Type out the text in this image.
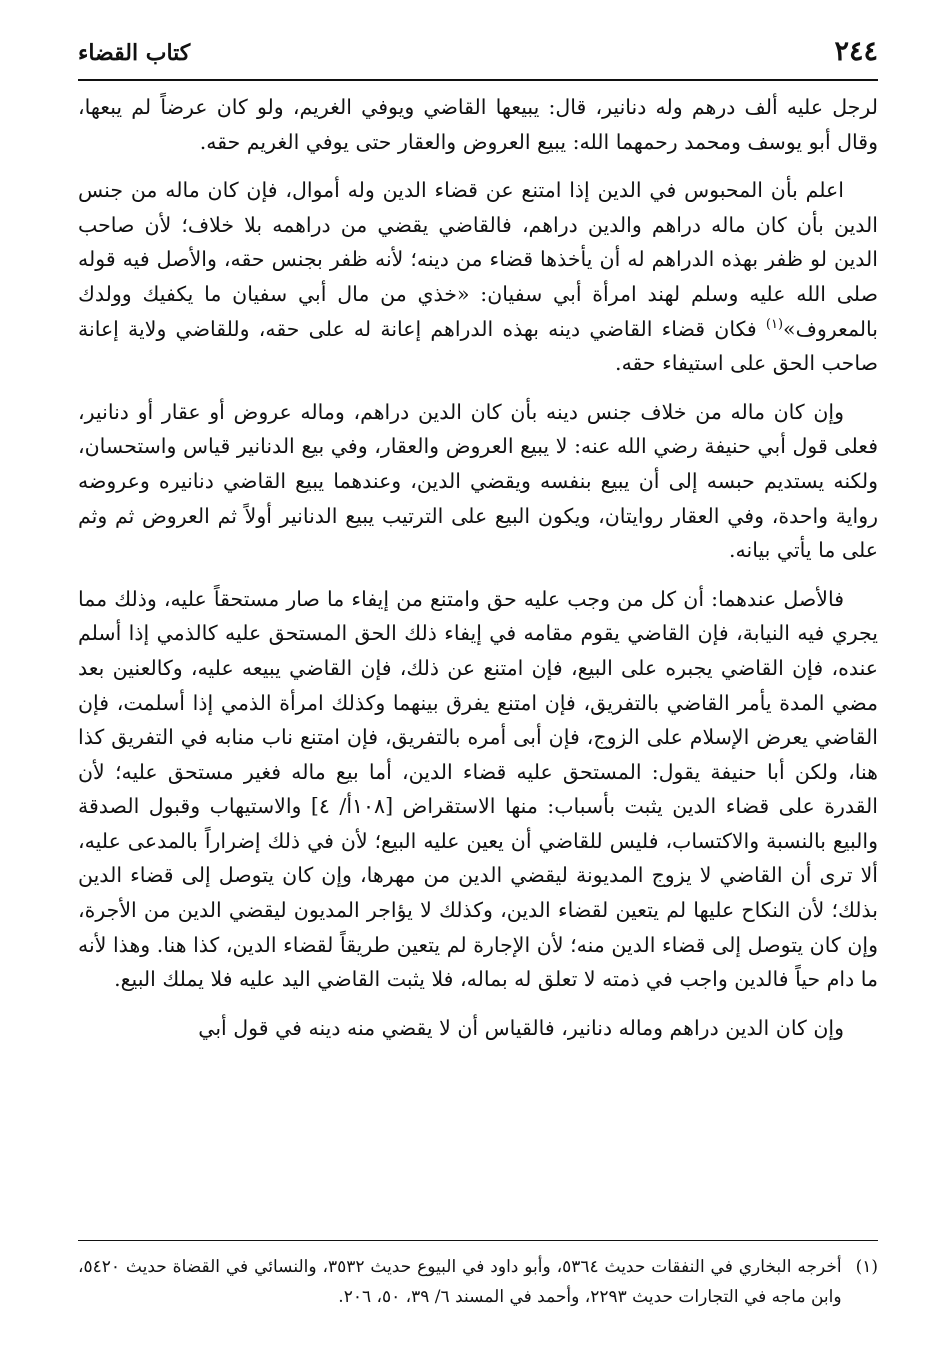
٢٤٤
كتاب القضاء

لرجل عليه ألف درهم وله دنانير، قال: يبيعها القاضي ويوفي الغريم، ولو كان عرضاً لم يبعها، وقال أبو يوسف ومحمد رحمهما الله: يبيع العروض والعقار حتى يوفي الغريم حقه.

اعلم بأن المحبوس في الدين إذا امتنع عن قضاء الدين وله أموال، فإن كان ماله من جنس الدين بأن كان ماله دراهم والدين دراهم، فالقاضي يقضي من دراهمه بلا خلاف؛ لأن صاحب الدين لو ظفر بهذه الدراهم له أن يأخذها قضاء من دينه؛ لأنه ظفر بجنس حقه، والأصل فيه قوله صلى الله عليه وسلم لهند امرأة أبي سفيان: «خذي من مال أبي سفيان ما يكفيك وولدك بالمعروف»$^{(١)}$ فكان قضاء القاضي دينه بهذه الدراهم إعانة له على حقه، وللقاضي ولاية إعانة صاحب الحق على استيفاء حقه.

وإن كان ماله من خلاف جنس دينه بأن كان الدين دراهم، وماله عروض أو عقار أو دنانير، فعلى قول أبي حنيفة رضي الله عنه: لا يبيع العروض والعقار، وفي بيع الدنانير قياس واستحسان، ولكنه يستديم حبسه إلى أن يبيع بنفسه ويقضي الدين، وعندهما يبيع القاضي دنانيره وعروضه رواية واحدة، وفي العقار روايتان، ويكون البيع على الترتيب يبيع الدنانير أولاً ثم العروض ثم وثم على ما يأتي بيانه.

فالأصل عندهما: أن كل من وجب عليه حق وامتنع من إيفاء ما صار مستحقاً عليه، وذلك مما يجري فيه النيابة، فإن القاضي يقوم مقامه في إيفاء ذلك الحق المستحق عليه كالذمي إذا أسلم عنده، فإن القاضي يجبره على البيع، فإن امتنع عن ذلك، فإن القاضي يبيعه عليه، وكالعنين بعد مضي المدة يأمر القاضي بالتفريق، فإن امتنع يفرق بينهما وكذلك امرأة الذمي إذا أسلمت، فإن القاضي يعرض الإسلام على الزوج، فإن أبى أمره بالتفريق، فإن امتنع ناب منابه في التفريق كذا هنا، ولكن أبا حنيفة يقول: المستحق عليه قضاء الدين، أما بيع ماله فغير مستحق عليه؛ لأن القدرة على قضاء الدين يثبت بأسباب: منها الاستقراض [١٠٨أ/ ٤] والاستيهاب وقبول الصدقة والبيع بالنسبة والاكتساب، فليس للقاضي أن يعين عليه البيع؛ لأن في ذلك إضراراً بالمدعى عليه، ألا ترى أن القاضي لا يزوج المديونة ليقضي الدين من مهرها، وإن كان يتوصل إلى قضاء الدين بذلك؛ لأن النكاح عليها لم يتعين لقضاء الدين، وكذلك لا يؤاجر المديون ليقضي الدين من الأجرة، وإن كان يتوصل إلى قضاء الدين منه؛ لأن الإجارة لم يتعين طريقاً لقضاء الدين، كذا هنا. وهذا لأنه ما دام حياً فالدين واجب في ذمته لا تعلق له بماله، فلا يثبت القاضي اليد عليه فلا يملك البيع.

وإن كان الدين دراهم وماله دنانير، فالقياس أن لا يقضي منه دينه في قول أبي

(١)
أخرجه البخاري في النفقات حديث ٥٣٦٤، وأبو داود في البيوع حديث ٣٥٣٢، والنسائي في القضاة حديث ٥٤٢٠، وابن ماجه في التجارات حديث ٢٢٩٣، وأحمد في المسند ٦/ ٣٩، ٥٠، ٢٠٦.
